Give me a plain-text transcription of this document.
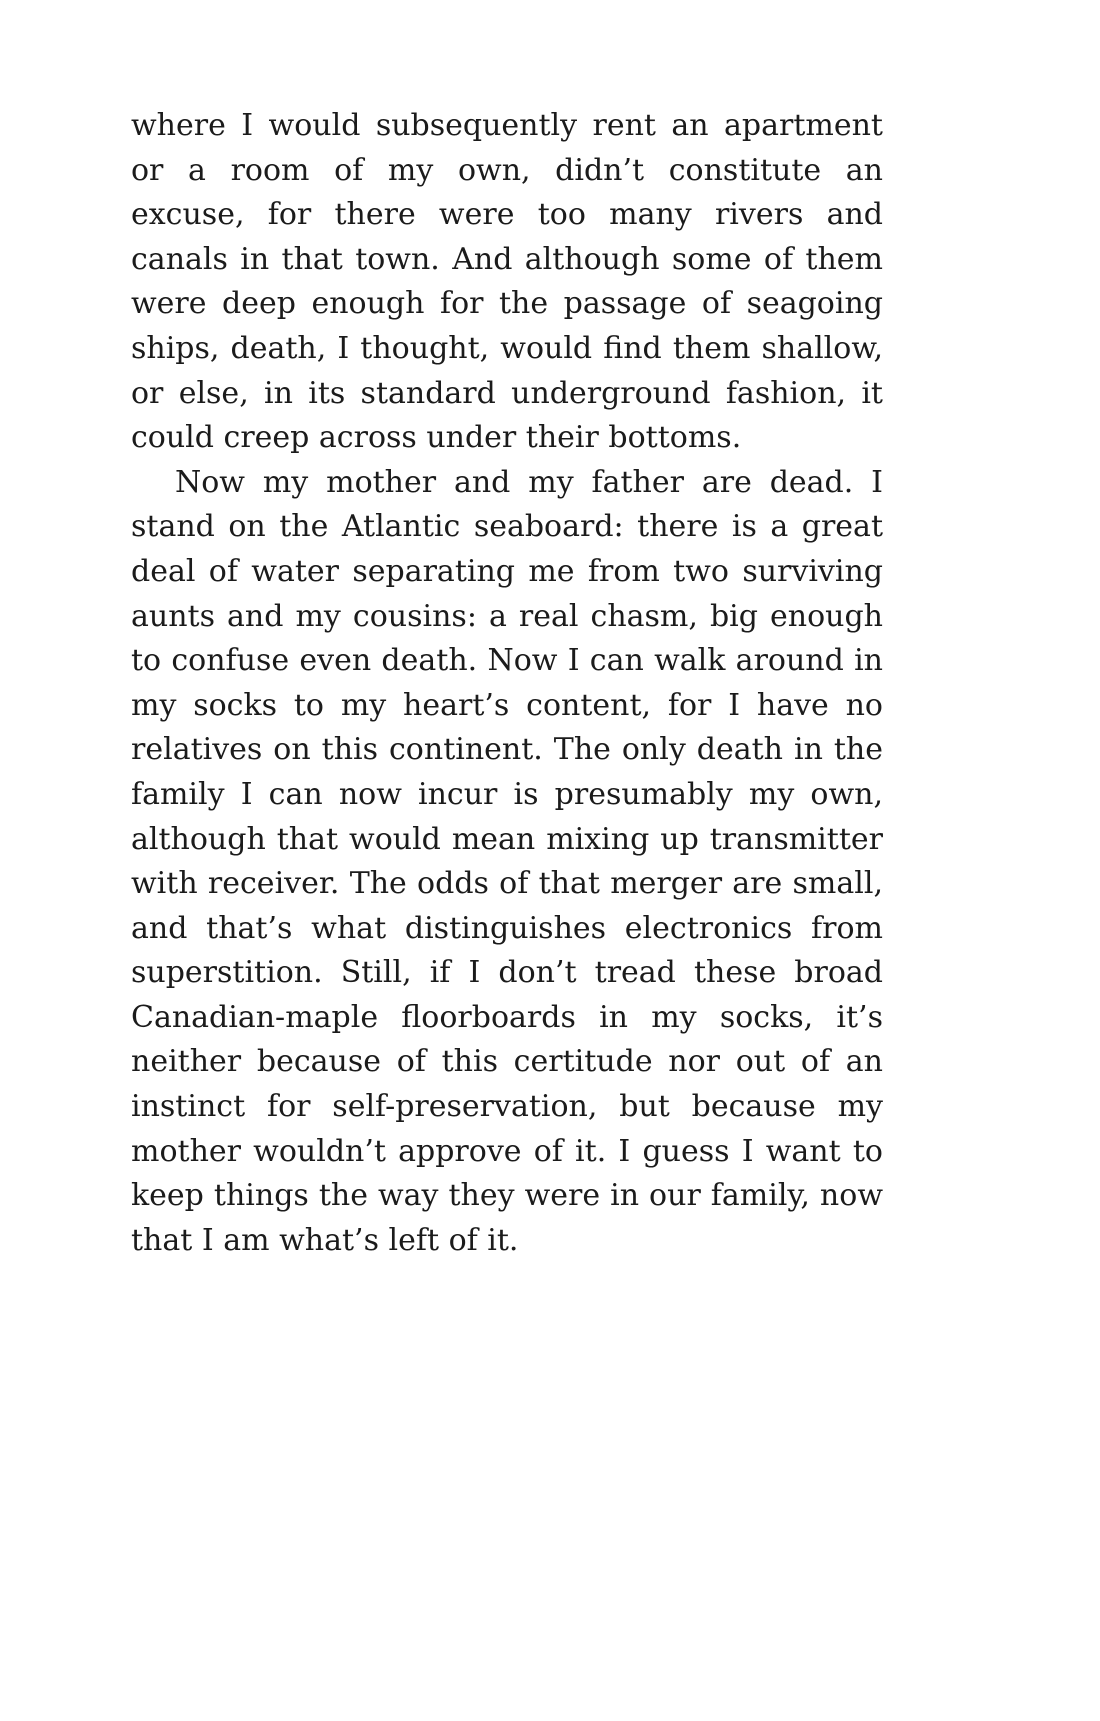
where I would subsequently rent an apartment or a room of my own, didn’t constitute an excuse, for there were too many rivers and canals in that town. And although some of them were deep enough for the passage of seagoing ships, death, I thought, would find them shallow, or else, in its standard underground fashion, it could creep across under their bottoms.

Now my mother and my father are dead. I stand on the Atlantic seaboard: there is a great deal of water separating me from two surviving aunts and my cousins: a real chasm, big enough to confuse even death. Now I can walk around in my socks to my heart’s content, for I have no relatives on this continent. The only death in the family I can now incur is presumably my own, although that would mean mixing up transmitter with receiver. The odds of that merger are small, and that’s what distinguishes electronics from superstition. Still, if I don’t tread these broad Canadian-maple floorboards in my socks, it’s neither because of this certitude nor out of an instinct for self-preservation, but because my mother wouldn’t approve of it. I guess I want to keep things the way they were in our family, now that I am what’s left of it.
